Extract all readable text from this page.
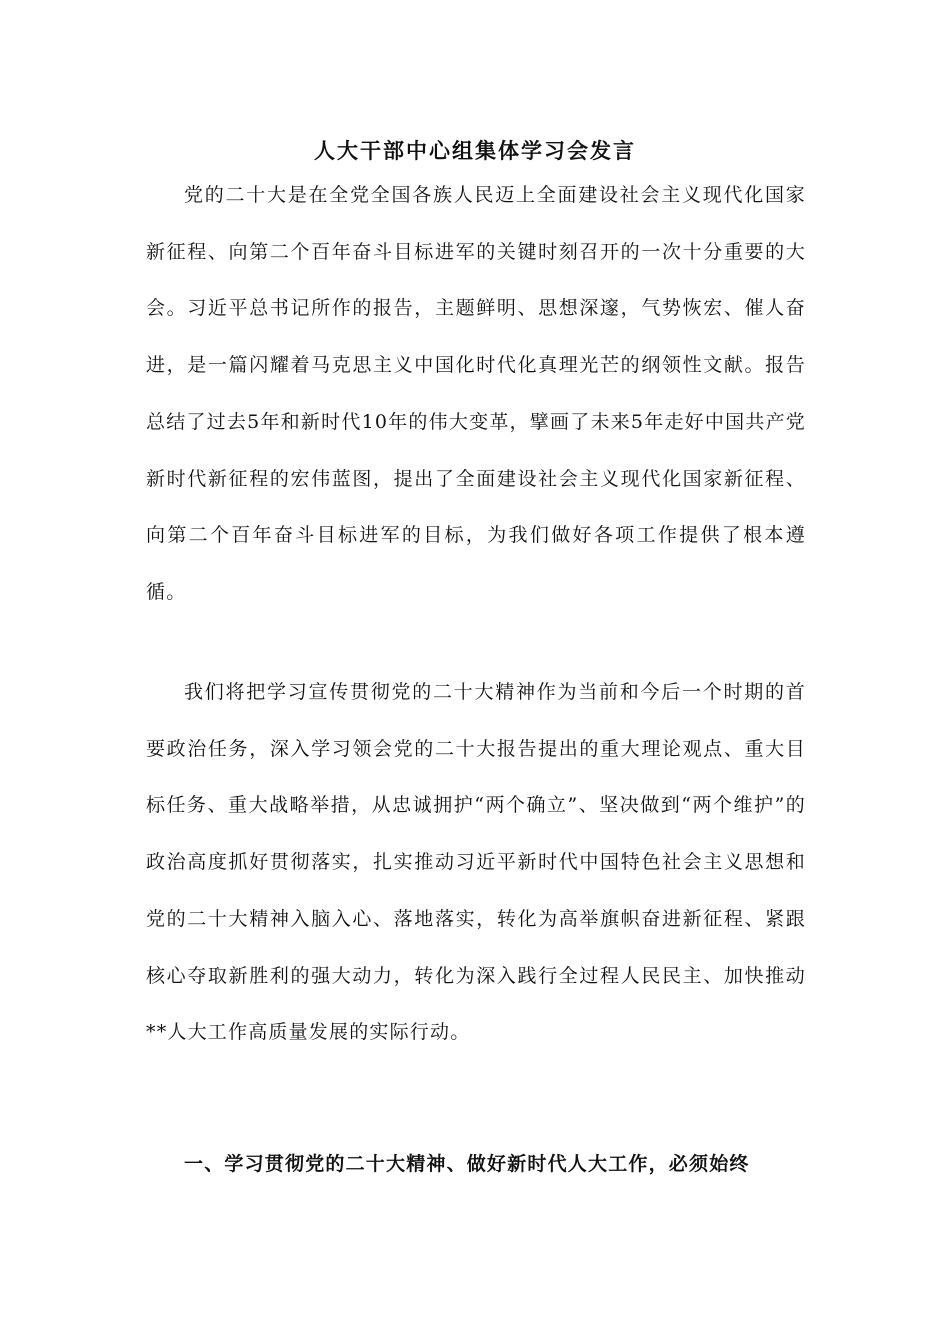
人大干部中心组集体学习会发言

党的二十大是在全党全国各族人民迈上全面建设社会主义现代化国家新征程、向第二个百年奋斗目标进军的关键时刻召开的一次十分重要的大会。习近平总书记所作的报告，主题鲜明、思想深邃，气势恢宏、催人奋进，是一篇闪耀着马克思主义中国化时代化真理光芒的纲领性文献。报告总结了过去5年和新时代10年的伟大变革，擘画了未来5年走好中国共产党新时代新征程的宏伟蓝图，提出了全面建设社会主义现代化国家新征程、向第二个百年奋斗目标进军的目标，为我们做好各项工作提供了根本遵循。

我们将把学习宣传贯彻党的二十大精神作为当前和今后一个时期的首要政治任务，深入学习领会党的二十大报告提出的重大理论观点、重大目标任务、重大战略举措，从忠诚拥护“两个确立”、坚决做到“两个维护”的政治高度抓好贯彻落实，扎实推动习近平新时代中国特色社会主义思想和党的二十大精神入脑入心、落地落实，转化为高举旗帜奋进新征程、紧跟核心夺取新胜利的强大动力，转化为深入践行全过程人民民主、加快推动**人大工作高质量发展的实际行动。

一、学习贯彻党的二十大精神、做好新时代人大工作，必须始终
